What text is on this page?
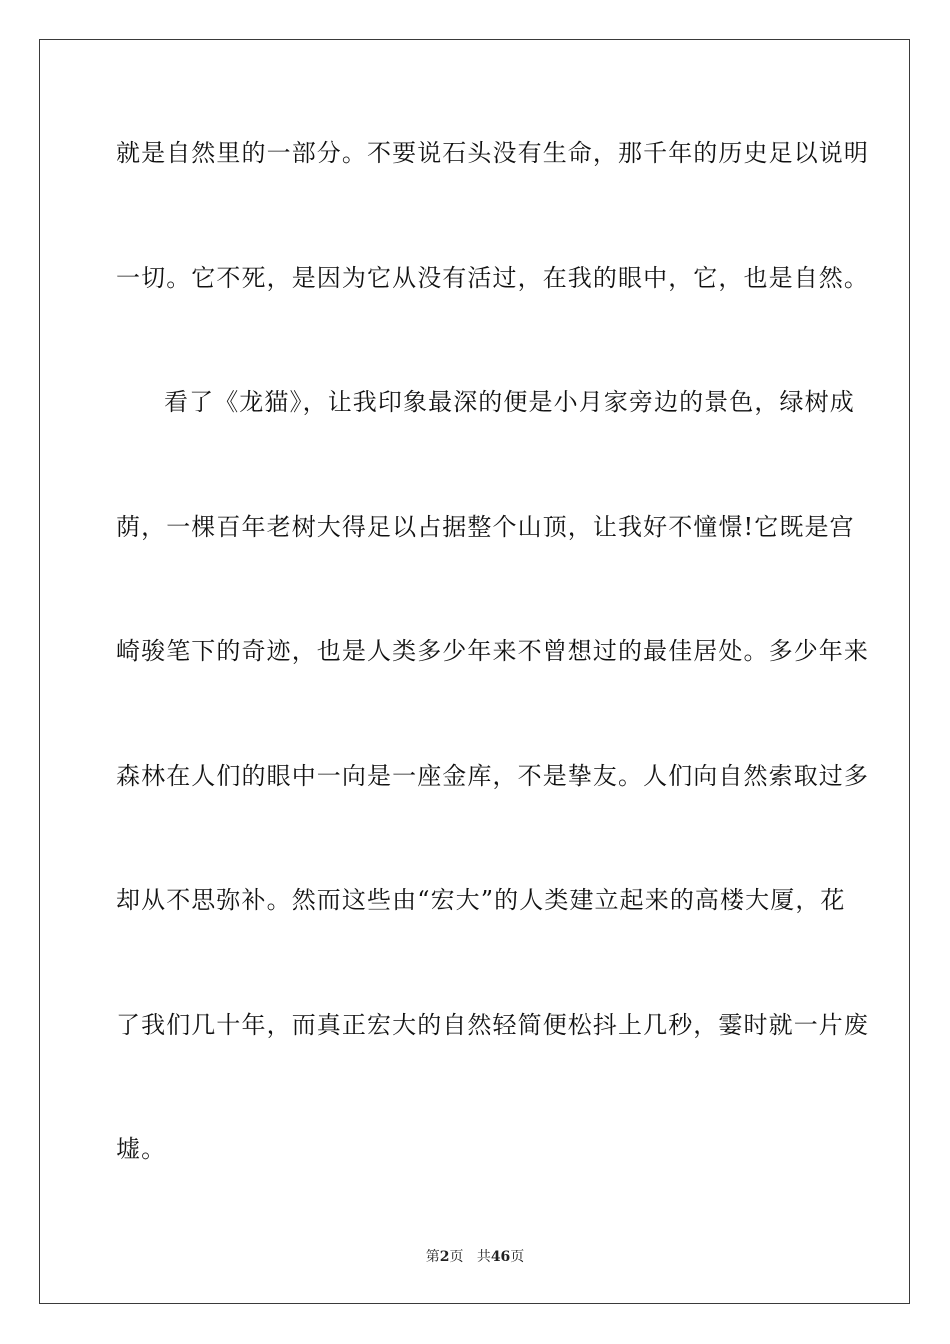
就是自然里的一部分。不要说石头没有生命，那千年的历史足以说明
一切。它不死，是因为它从没有活过，在我的眼中，它，也是自然。
看了《龙猫》，让我印象最深的便是小月家旁边的景色，绿树成
荫，一棵百年老树大得足以占据整个山顶，让我好不憧憬!它既是宫
崎骏笔下的奇迹，也是人类多少年来不曾想过的最佳居处。多少年来
森林在人们的眼中一向是一座金库，不是挚友。人们向自然索取过多
却从不思弥补。然而这些由“宏大”的人类建立起来的高楼大厦，花
了我们几十年，而真正宏大的自然轻简便松抖上几秒，霎时就一片废
墟。
第2页 共46页
